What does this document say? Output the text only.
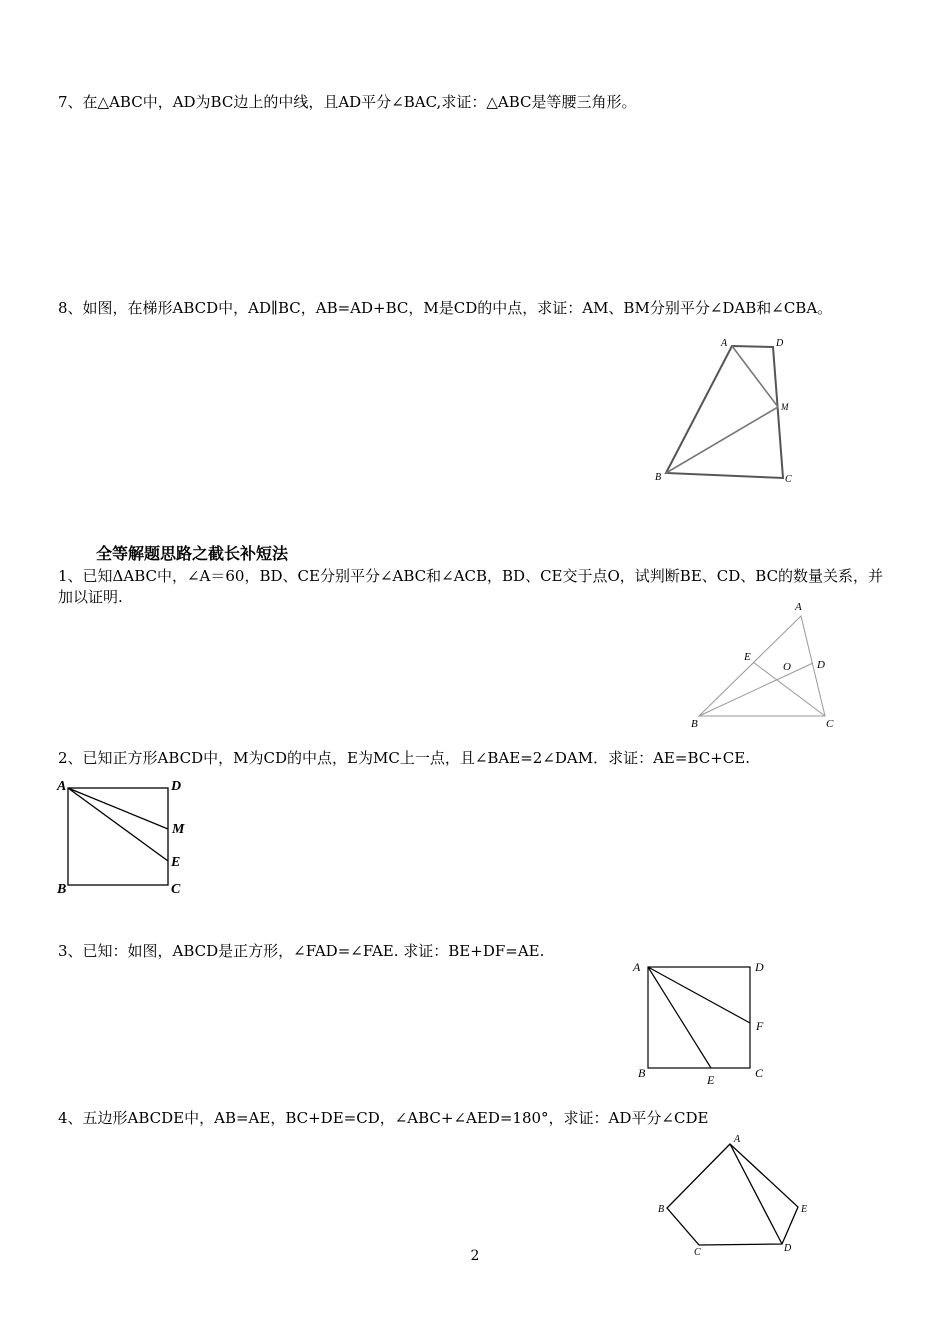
7、在△ABC中，AD为BC边上的中线，且AD平分∠BAC,求证：△ABC是等腰三角形。
8、如图，在梯形ABCD中，AD∥BC，AB=AD+BC，M是CD的中点，求证：AM、BM分别平分∠DAB和∠CBA。
A	D
M
B	C
全等解题思路之截长补短法
1、已知ΔABC中，∠A＝60，BD、CE分别平分∠ABC和∠ACB，BD、CE交于点O，试判断BE、CD、BC的数量关系，并加以证明.
A
E
O D
B	C
2、已知正方形ABCD中，M为CD的中点，E为MC上一点，且∠BAE=2∠DAM．求证：AE=BC+CE.
A	D
M
E
B	C
3、已知：如图，ABCD是正方形，∠FAD=∠FAE. 求证：BE+DF=AE.
A	D
F
B	E	C
4、五边形ABCDE中，AB=AE，BC+DE=CD，∠ABC+∠AED=180°，求证：AD平分∠CDE
A
B	E
C	D
2
